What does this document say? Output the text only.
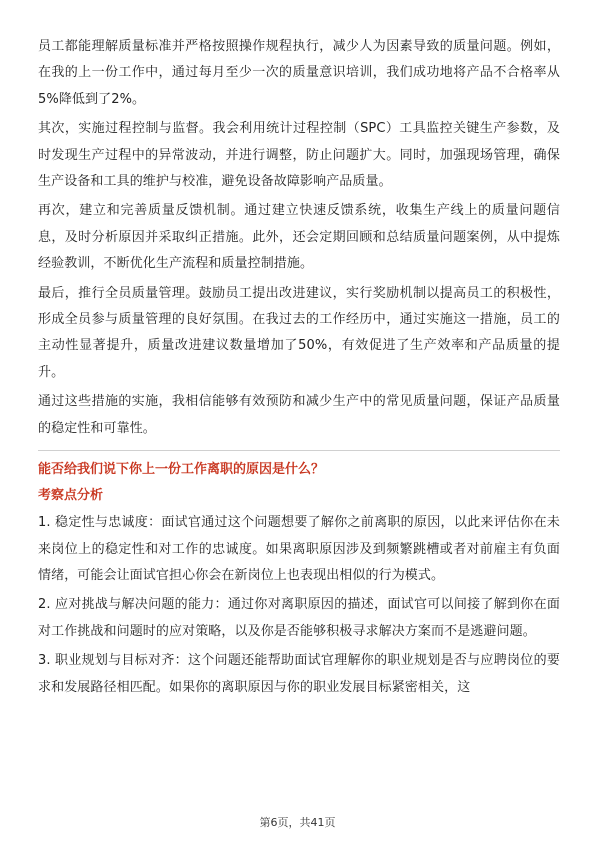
员工都能理解质量标准并严格按照操作规程执行，减少人为因素导致的质量问题。例如，在我的上一份工作中，通过每月至少一次的质量意识培训，我们成功地将产品不合格率从5%降低到了2%。

其次，实施过程控制与监督。我会利用统计过程控制（SPC）工具监控关键生产参数，及时发现生产过程中的异常波动，并进行调整，防止问题扩大。同时，加强现场管理，确保生产设备和工具的维护与校准，避免设备故障影响产品质量。

再次，建立和完善质量反馈机制。通过建立快速反馈系统，收集生产线上的质量问题信息，及时分析原因并采取纠正措施。此外，还会定期回顾和总结质量问题案例，从中提炼经验教训，不断优化生产流程和质量控制措施。

最后，推行全员质量管理。鼓励员工提出改进建议，实行奖励机制以提高员工的积极性，形成全员参与质量管理的良好氛围。在我过去的工作经历中，通过实施这一措施，员工的主动性显著提升，质量改进建议数量增加了50%，有效促进了生产效率和产品质量的提升。

通过这些措施的实施，我相信能够有效预防和减少生产中的常见质量问题，保证产品质量的稳定性和可靠性。

能否给我们说下你上一份工作离职的原因是什么？

考察点分析

1. 稳定性与忠诚度：面试官通过这个问题想要了解你之前离职的原因，以此来评估你在未来岗位上的稳定性和对工作的忠诚度。如果离职原因涉及到频繁跳槽或者对前雇主有负面情绪，可能会让面试官担心你会在新岗位上也表现出相似的行为模式。

2. 应对挑战与解决问题的能力：通过你对离职原因的描述，面试官可以间接了解到你在面对工作挑战和问题时的应对策略，以及你是否能够积极寻求解决方案而不是逃避问题。

3. 职业规划与目标对齐：这个问题还能帮助面试官理解你的职业规划是否与应聘岗位的要求和发展路径相匹配。如果你的离职原因与你的职业发展目标紧密相关，这

第6页，共41页
